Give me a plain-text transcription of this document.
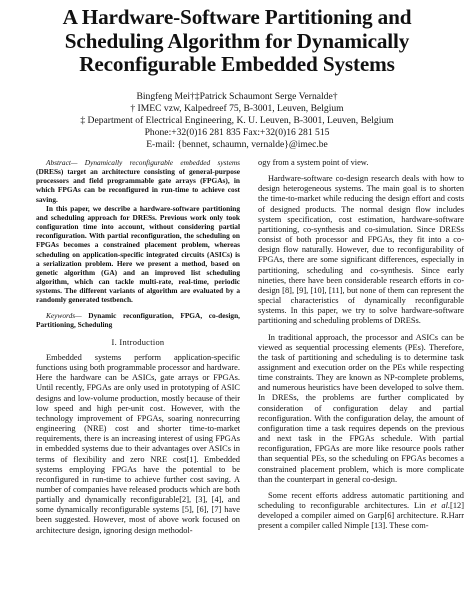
A Hardware-Software Partitioning and
Scheduling Algorithm for Dynamically
Reconfigurable Embedded Systems
Bingfeng Mei†‡Patrick Schaumont Serge Vernalde†
† IMEC vzw, Kalpedreef 75, B-3001, Leuven, Belgium
‡ Department of Electrical Engineering, K. U. Leuven, B-3001, Leuven, Belgium
Phone:+32(0)16 281 835 Fax:+32(0)16 281 515
E-mail: {bennet, schaumn, vernalde}@imec.be

Abstract— Dynamically reconfigurable embedded systems (DRESs) target an architecture consisting of general-purpose processors and field programmable gate arrays (FPGAs), in which FPGAs can be reconfigured in run-time to achieve cost saving.

In this paper, we describe a hardware-software partitioning and scheduling approach for DRESs. Previous work only took configuration time into account, without considering partial reconfiguration. With partial reconfiguration, the scheduling on FPGAs becomes a constrained placement problem, whereas scheduling on application-specific integrated circuits (ASICs) is a serialization problem. Here we present a method, based on genetic algorithm (GA) and an improved list scheduling algorithm, which can tackle multi-rate, real-time, periodic systems. The different variants of algorithm are evaluated by a randomly generated testbench.

Keywords— Dynamic reconfiguration, FPGA, co-design, Partitioning, Scheduling

I. Introduction

Embedded systems perform application-specific functions using both programmable processor and hardware. Here the hardware can be ASICs, gate arrays or FPGAs. Until recently, FPGAs are only used in prototyping of ASIC designs and low-volume production, mostly because of their low speed and high per-unit cost. However, with the technology improvement of FPGAs, soaring nonrecurring engineering (NRE) cost and shorter time-to-market requirements, there is an increasing interest of using FPGAs in embedded systems due to their advantages over ASICs in terms of flexibility and zero NRE cost[1]. Embedded systems employing FPGAs have the potential to be reconfigured in run-time to achieve further cost saving. A number of companies have released products which are both partially and dynamically reconfigurable[2], [3], [4], and some dynamically reconfigurable systems [5], [6], [7] have been suggested. However, most of above work focused on architecture design, ignoring design methodol-

ogy from a system point of view.

Hardware-software co-design research deals with how to design heterogeneous systems. The main goal is to shorten the time-to-market while reducing the design effort and costs of designed products. The normal design flow includes system specification, cost estimation, hardware-software partitioning, co-synthesis and co-simulation. Since DRESs consist of both processor and FPGAs, they fit into a co-design flow naturally. However, due to reconfigurability of FPGAs, there are some significant differences, especially in partitioning, scheduling and co-synthesis. Since early nineties, there have been considerable research efforts in co-design [8], [9], [10], [11], but none of them can represent the special characteristics of dynamically reconfigurable systems. In this paper, we try to solve hardware-software partitioning and scheduling problems of DRESs.

In traditional approach, the processor and ASICs can be viewed as sequential processing elements (PEs). Therefore, the task of partitioning and scheduling is to determine task assignment and execution order on the PEs while respecting time constraints. They are known as NP-complete problems, and numerous heuristics have been developed to solve them. In DRESs, the problems are further complicated by consideration of configuration delay and partial reconfiguration. With the configuration delay, the amount of configuration time a task requires depends on the previous and next task in the FPGAs schedule. With partial reconfiguration, FPGAs are more like resource pools rather than sequential PEs, so the scheduling on FPGAs becomes a constrained placement problem, which is more complicate than the counterpart in general co-design.

Some recent efforts address automatic partitioning and scheduling to reconfigurable architectures. Lin et al.[12] developed a compiler aimed on Garp[6] architecture. R.Harr present a compiler called Nimple [13]. These com-
